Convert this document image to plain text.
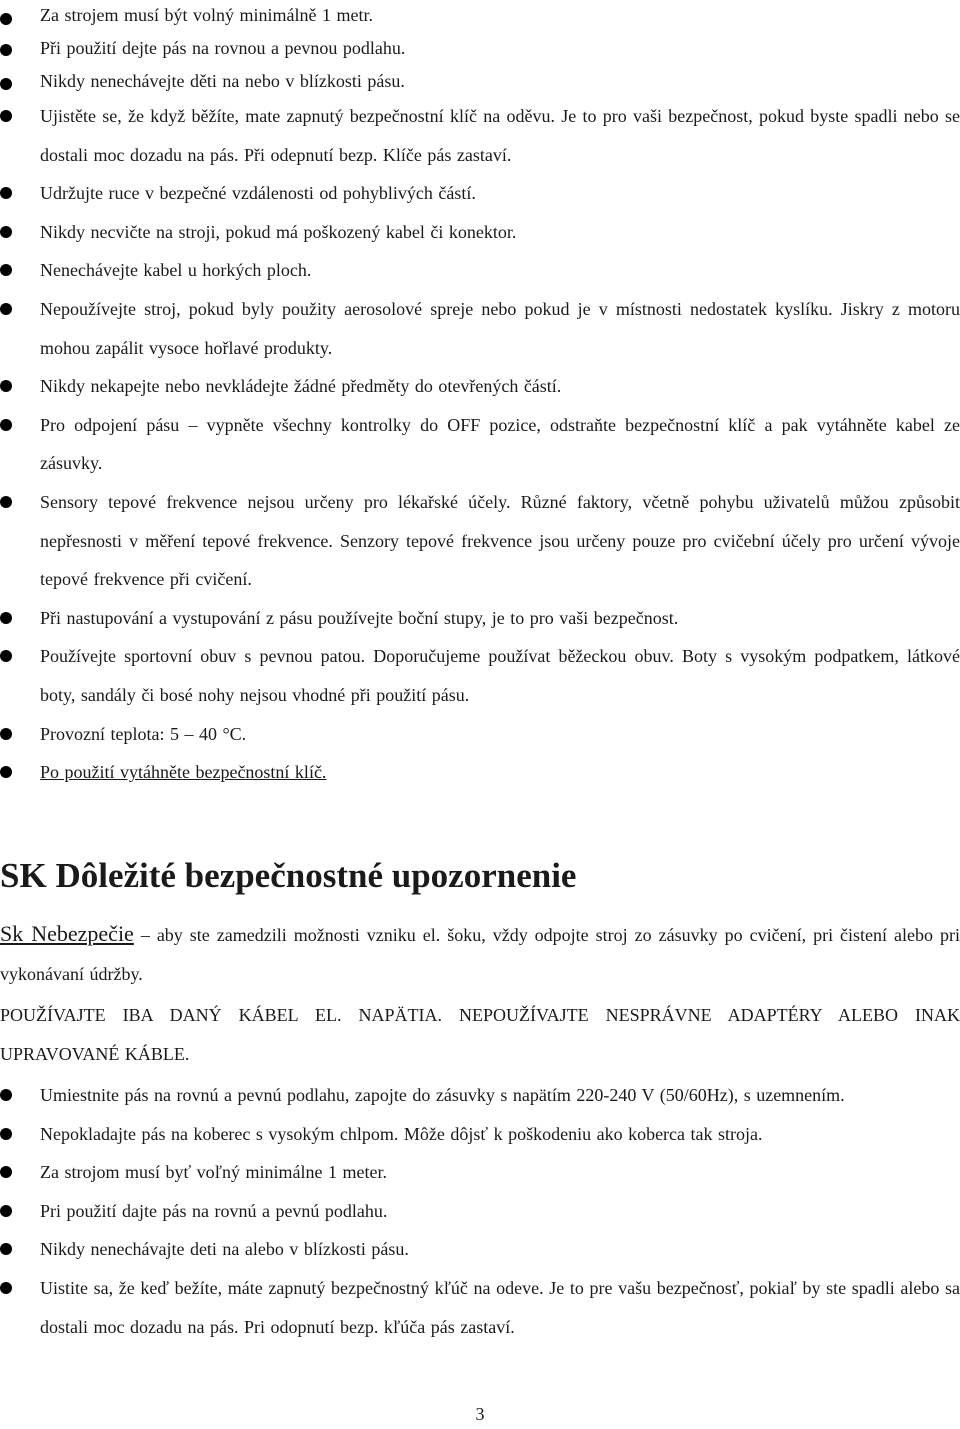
Za strojem musí být volný minimálně 1 metr.
Při použití dejte pás na rovnou a pevnou podlahu.
Nikdy nenechávejte děti na nebo v blízkosti pásu.
Ujistěte se, že když běžíte, mate zapnutý bezpečnostní klíč na oděvu. Je to pro vaši bezpečnost, pokud byste spadli nebo se dostali moc dozadu na pás. Při odepnutí bezp. Klíče pás zastaví.
Udržujte ruce v bezpečné vzdálenosti od pohyblivých částí.
Nikdy necvičte na stroji, pokud má poškozený kabel či konektor.
Nenechávejte kabel u horkých ploch.
Nepoužívejte stroj, pokud byly použity aerosolové spreje nebo pokud je v místnosti nedostatek kyslíku. Jiskry z motoru mohou zapálit vysoce hořlavé produkty.
Nikdy nekapejte nebo nevkládejte žádné předměty do otevřených částí.
Pro odpojení pásu – vypněte všechny kontrolky do OFF pozice, odstraňte bezpečnostní klíč a pak vytáhněte kabel ze zásuvky.
Sensory tepové frekvence nejsou určeny pro lékařské účely. Různé faktory, včetně pohybu uživatelů můžou způsobit nepřesnosti v měření tepové frekvence. Senzory tepové frekvence jsou určeny pouze pro cvičební účely pro určení vývoje tepové frekvence při cvičení.
Při nastupování a vystupování z pásu používejte boční stupy, je to pro vaši bezpečnost.
Používejte sportovní obuv s pevnou patou. Doporučujeme používat běžeckou obuv. Boty s vysokým podpatkem, látkové boty, sandály či bosé nohy nejsou vhodné při použití pásu.
Provozní teplota: 5 – 40 °C.
Po použití vytáhněte bezpečnostní klíč.
SK Dôležité bezpečnostné upozornenie
Sk Nebezpečie – aby ste zamedzili možnosti vzniku el. šoku, vždy odpojte stroj zo zásuvky po cvičení, pri čistení alebo pri vykonávaní údržby.
POUŽÍVAJTE IBA DANÝ KÁBEL EL. NAPÄTIA. NEPOUŽÍVAJTE NESPRÁVNE ADAPTÉRY ALEBO INAK UPRAVOVANÉ KÁBLE.
Umiestnite pás na rovnú a pevnú podlahu, zapojte do zásuvky s napätím 220-240 V (50/60Hz), s uzemnením.
Nepokladajte pás na koberec s vysokým chlpom. Môže dôjsť k poškodeniu ako koberca tak stroja.
Za strojom musí byť voľný minimálne 1 meter.
Pri použití dajte pás na rovnú a pevnú podlahu.
Nikdy nenechávajte deti na alebo v blízkosti pásu.
Uistite sa, že keď bežíte, máte zapnutý bezpečnostný kľúč na odeve. Je to pre vašu bezpečnosť, pokiaľ by ste spadli alebo sa dostali moc dozadu na pás. Pri odopnutí bezp. kľúča pás zastaví.
3
